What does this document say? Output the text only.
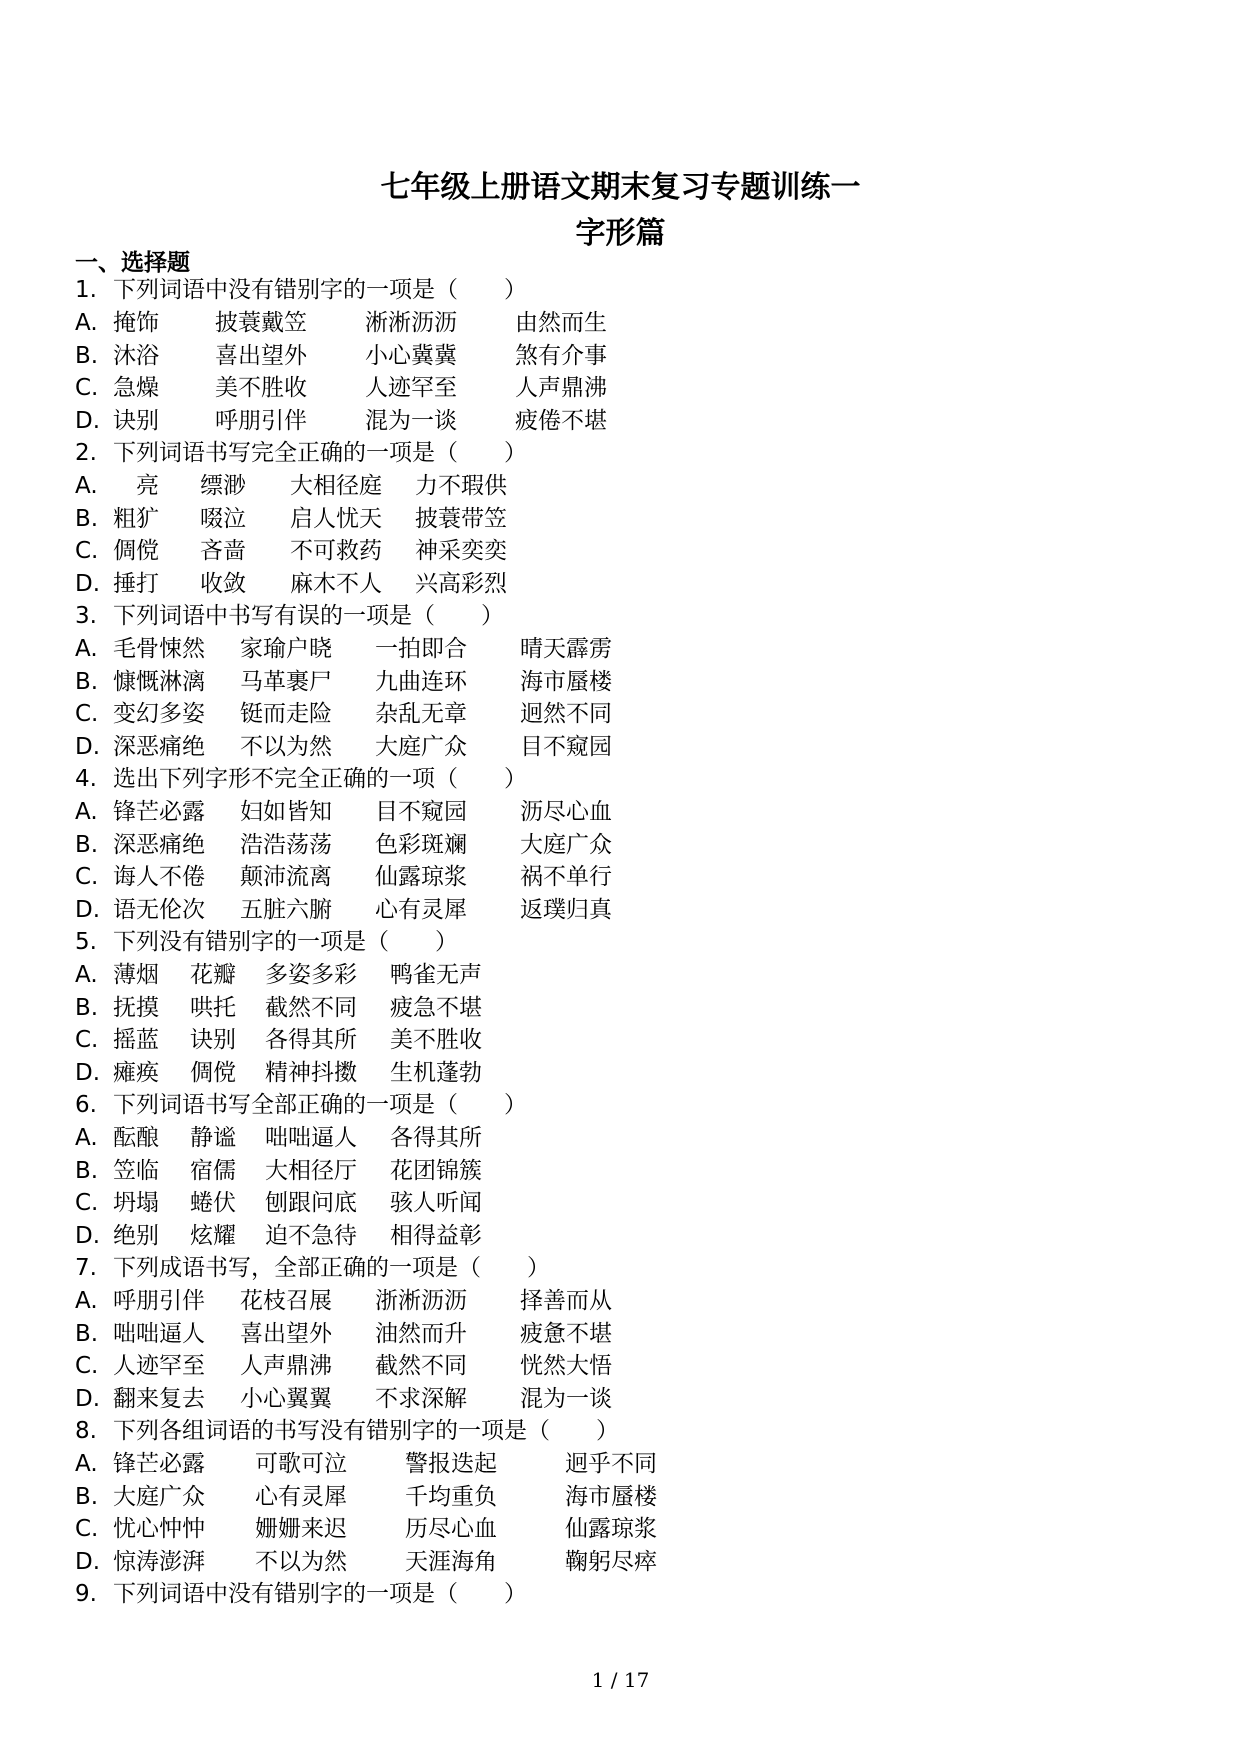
七年级上册语文期末复习专题训练一
字形篇
一、选择题
1. 下列词语中没有错别字的一项是（　　）
A. 掩饰 披蓑戴笠	淅淅沥沥	由然而生
B. 沐浴 喜出望外	小心冀冀	煞有介事
C. 急燥 美不胜收	人迹罕至	人声鼎沸
D. 诀别 呼朋引伴	混为一谈	疲倦不堪
2. 下列词语书写完全正确的一项是（　　）
A. 　亮 缥渺 大相径庭 力不瑕供
B. 粗犷 啜泣 启人忧天 披蓑带笠
C. 倜傥 吝啬 不可救药 神采奕奕
D. 捶打 收敛 麻木不人 兴高彩烈
3. 下列词语中书写有误的一项是（　　）
A. 毛骨悚然 家瑜户晓 一拍即合 晴天霹雳
B. 慷慨淋漓 马革裹尸 九曲连环 海市蜃楼
C. 变幻多姿 铤而走险 杂乱无章 迥然不同
D. 深恶痛绝 不以为然 大庭广众 目不窥园
4. 选出下列字形不完全正确的一项（　　）
A. 锋芒必露 妇如皆知 目不窥园 沥尽心血
B. 深恶痛绝 浩浩荡荡 色彩斑斓 大庭广众
C. 诲人不倦 颠沛流离 仙露琼浆 祸不单行
D. 语无伦次 五脏六腑 心有灵犀 返璞归真
5. 下列没有错别字的一项是（　　）
A. 薄烟 花瓣 多姿多彩 鸭雀无声
B. 抚摸 哄托 截然不同 疲急不堪
C. 摇蓝 诀别 各得其所 美不胜收
D. 瘫痪 倜傥 精神抖擞 生机蓬勃
6. 下列词语书写全部正确的一项是（　　）
A. 酝酿 静谧 咄咄逼人 各得其所
B. 笠临 宿儒 大相径厅 花团锦簇
C. 坍塌 蜷伏 刨跟问底 骇人听闻
D. 绝别 炫耀 迫不急待 相得益彰
7. 下列成语书写，全部正确的一项是（　　）
A. 呼朋引伴 花枝召展 浙淅沥沥 择善而从
B. 咄咄逼人 喜出望外 油然而升 疲惫不堪
C. 人迹罕至 人声鼎沸 截然不同 恍然大悟
D. 翻来复去 小心翼翼 不求深解 混为一谈
8. 下列各组词语的书写没有错别字的一项是（　　）
A. 锋芒必露 可歌可泣	警报迭起	迥乎不同
B. 大庭广众 心有灵犀	千均重负	海市蜃楼
C. 忧心忡忡 姗姗来迟	历尽心血	仙露琼浆
D. 惊涛澎湃 不以为然	天涯海角	鞠躬尽瘁
9. 下列词语中没有错别字的一项是（　　）
1 / 17
